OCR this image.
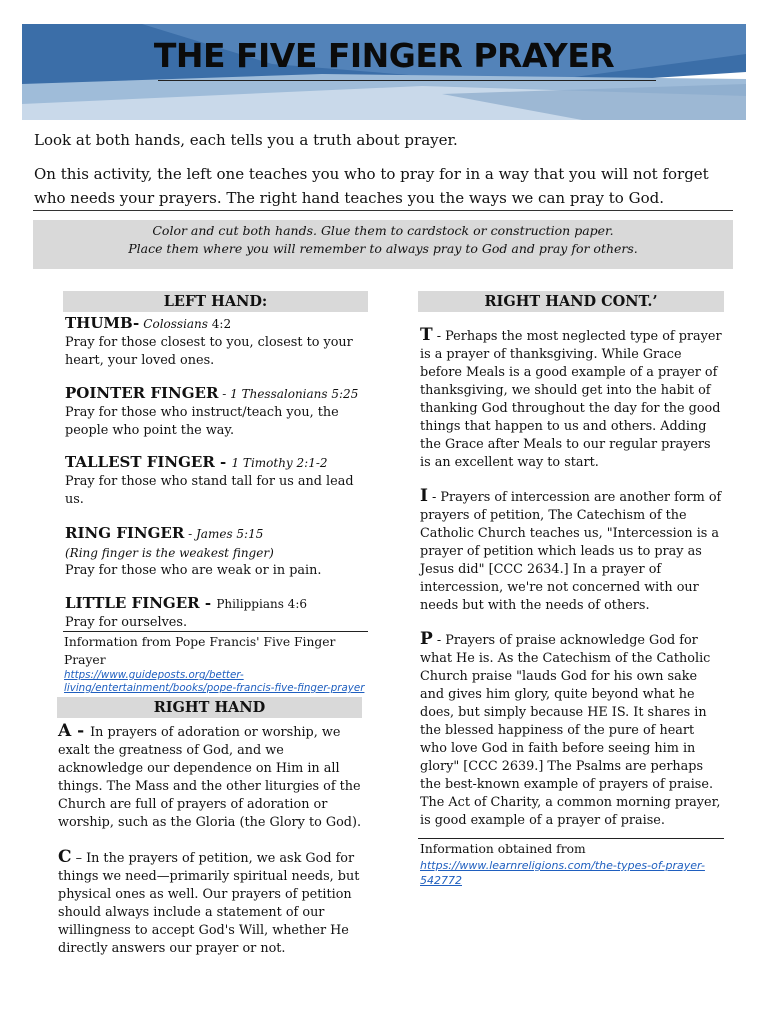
THE FIVE FINGER PRAYER

Look at both hands, each tells you a truth about prayer.

On this activity, the left one teaches you who to pray for in a way that you will not forget who needs your prayers. The right hand teaches you the ways we can pray to God.

Color and cut both hands. Glue them to cardstock or construction paper.
Place them where you will remember to always pray to God and pray for others.
LEFT HAND:

THUMB- Colossians 4:2

Pray for those closest to you, closest to your heart, your loved ones.

POINTER FINGER - 1 Thessalonians 5:25

Pray for those who instruct/teach you, the people who point the way.

TALLEST FINGER - 1 Timothy 2:1-2

Pray for those who stand tall for us and lead us.

RING FINGER - James 5:15

(Ring finger is the weakest finger)

Pray for those who are weak or in pain.

LITTLE FINGER - Philippians 4:6

Pray for ourselves.

Information from Pope Francis' Five Finger Prayer

https://www.guideposts.org/better-living/entertainment/books/pope-francis-five-finger-prayer

RIGHT HAND

A - In prayers of adoration or worship, we exalt the greatness of God, and we acknowledge our dependence on Him in all things. The Mass and the other liturgies of the Church are full of prayers of adoration or worship, such as the Gloria (the Glory to God).

C – In the prayers of petition, we ask God for things we need—primarily spiritual needs, but physical ones as well. Our prayers of petition should always include a statement of our willingness to accept God's Will, whether He directly answers our prayer or not.

RIGHT HAND CONT.’

T - Perhaps the most neglected type of prayer is a prayer of thanksgiving. While Grace before Meals is a good example of a prayer of thanksgiving, we should get into the habit of thanking God throughout the day for the good things that happen to us and others. Adding the Grace after Meals to our regular prayers is an excellent way to start.

I - Prayers of intercession are another form of prayers of petition, The Catechism of the Catholic Church teaches us, "Intercession is a prayer of petition which leads us to pray as Jesus did" [CCC 2634.] In a prayer of intercession, we're not concerned with our needs but with the needs of others.

P - Prayers of praise acknowledge God for what He is. As the Catechism of the Catholic Church praise "lauds God for his own sake and gives him glory, quite beyond what he does, but simply because HE IS. It shares in the blessed happiness of the pure of heart who love God in faith before seeing him in glory" [CCC 2639.] The Psalms are perhaps the best-known example of prayers of praise. The Act of Charity, a common morning prayer, is good example of a prayer of praise.

Information obtained from

https://www.learnreligions.com/the-types-of-prayer-542772
